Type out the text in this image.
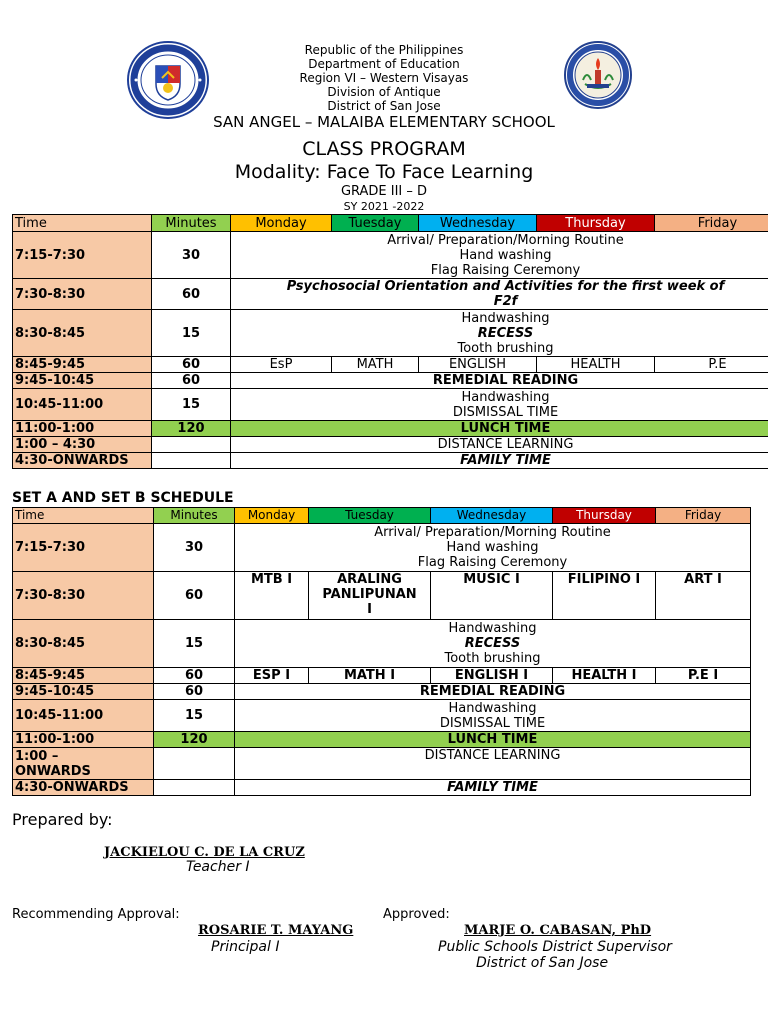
Republic of the Philippines
Department of Education
Region VI – Western Visayas
Division of Antique
District of San Jose
SAN ANGEL – MALAIBA ELEMENTARY SCHOOL
CLASS PROGRAM
Modality: Face To Face Learning
GRADE III – D
SY 2021 -2022
Time	Minutes	Monday	Tuesday	Wednesday	Thursday	Friday
7:15-7:30	30	Arrival/ Preparation/Morning Routine
Hand washing
Flag Raising Ceremony				

7:30-8:30	60	Psychosocial Orientation and Activities for the first week of
F2f				

8:30-8:45	15	Handwashing
RECESS
Tooth brushing				

8:45-9:45	60	EsP	MATH	ENGLISH	HEALTH	P.E
9:45-10:45	60	REMEDIAL READING				
10:45-11:00	15	Handwashing
DISMISSAL TIME				

11:00-1:00	120	LUNCH TIME				
1:00 – 4:30		DISTANCE LEARNING				
4:30-ONWARDS		FAMILY TIME				
SET A AND SET B SCHEDULE
Time	Minutes	Monday	Tuesday	Wednesday	Thursday	Friday
7:15-7:30	30	Arrival/ Preparation/Morning Routine
Hand washing
Flag Raising Ceremony				

7:30-8:30	60	MTB I	ARALING
PANLIPUNAN
I	MUSIC I	FILIPINO I	ART I
8:30-8:45	15	Handwashing
RECESS
Tooth brushing				

8:45-9:45	60	ESP I	MATH I	ENGLISH I	HEALTH I	P.E I
9:45-10:45	60	REMEDIAL READING				
10:45-11:00	15	Handwashing
DISMISSAL TIME				

11:00-1:00	120	LUNCH TIME				

1:00 –
ONWARDS		DISTANCE LEARNING				
4:30-ONWARDS		FAMILY TIME				
Prepared by:
JACKIELOU C. DE LA CRUZ
Teacher I
Recommending Approval:
ROSARIE T. MAYANG
Principal I
Approved:
MARJE O. CABASAN, PhD
Public Schools District Supervisor
District of San Jose
